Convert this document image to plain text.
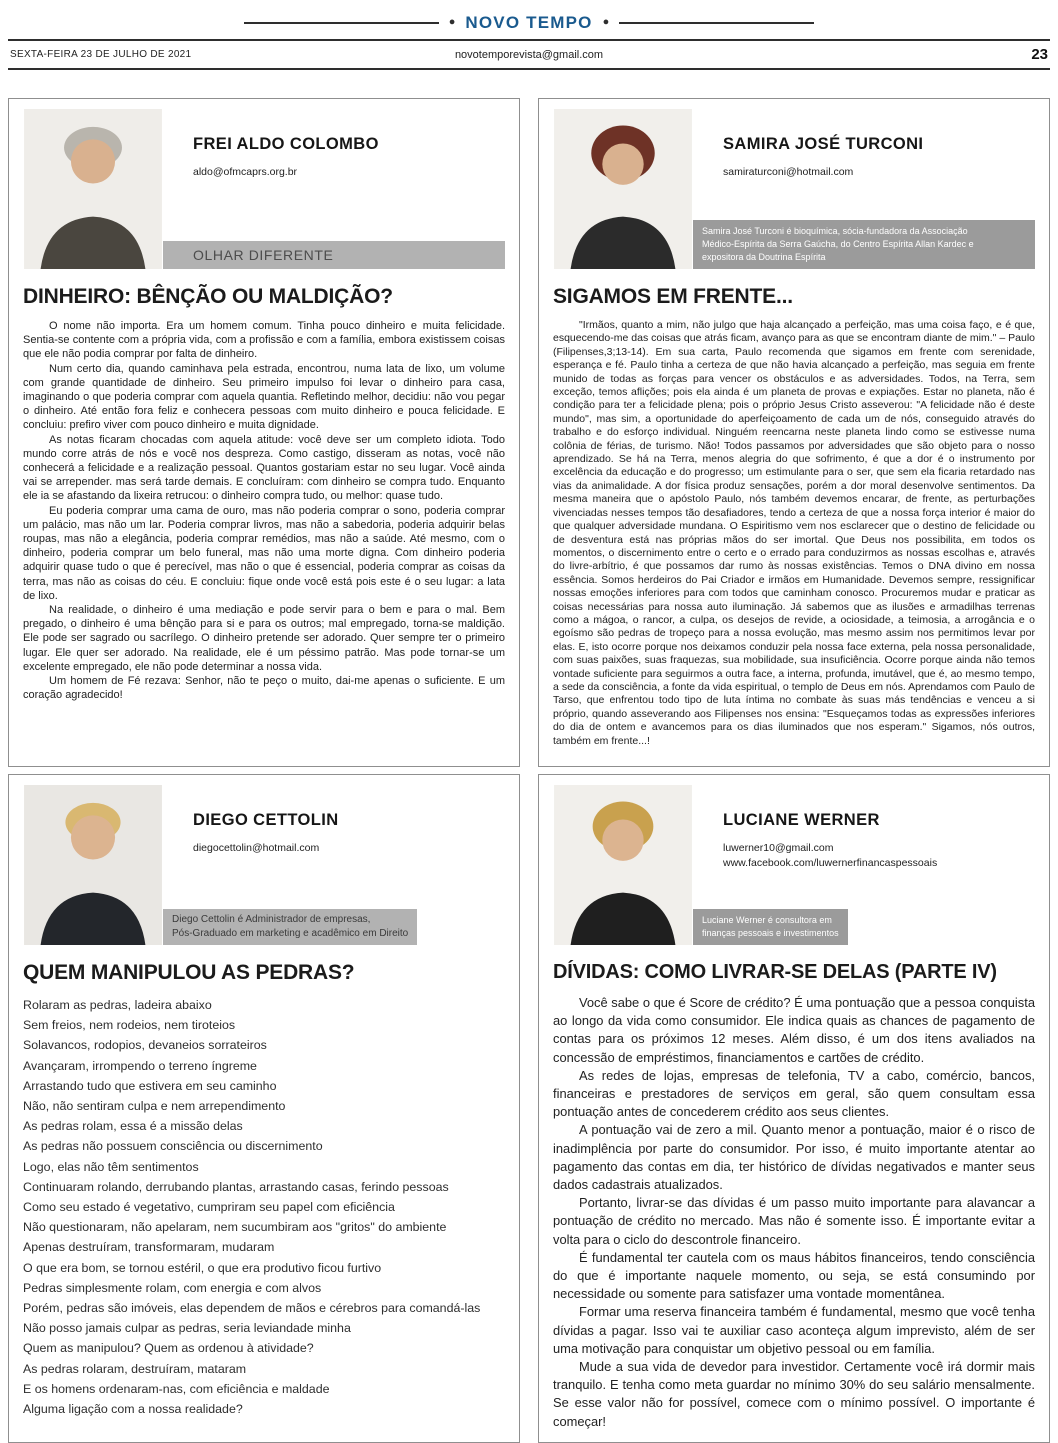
● NOVO TEMPO ●
SEXTA-FEIRA 23 DE JULHO DE 2021	novotemporevista@gmail.com	23
FREI ALDO COLOMBO
aldo@ofmcaprs.org.br
OLHAR DIFERENTE
DINHEIRO: BÊNÇÃO OU MALDIÇÃO?

O nome não importa. Era um homem comum. Tinha pouco dinheiro e muita felicidade. Sentia-se contente com a própria vida, com a profissão e com a família, embora existissem coisas que ele não podia comprar por falta de dinheiro.

Num certo dia, quando caminhava pela estrada, encontrou, numa lata de lixo, um volume com grande quantidade de dinheiro. Seu primeiro impulso foi levar o dinheiro para casa, imaginando o que poderia comprar com aquela quantia. Refletindo melhor, decidiu: não vou pegar o dinheiro. Até então fora feliz e conhecera pessoas com muito dinheiro e pouca felicidade. E concluiu: prefiro viver com pouco dinheiro e muita dignidade.

As notas ficaram chocadas com aquela atitude: você deve ser um completo idiota. Todo mundo corre atrás de nós e você nos despreza. Como castigo, disseram as notas, você não conhecerá a felicidade e a realização pessoal. Quantos gostariam estar no seu lugar. Você ainda vai se arrepender. mas será tarde demais. E concluíram: com dinheiro se compra tudo. Enquanto ele ia se afastando da lixeira retrucou: o dinheiro compra tudo, ou melhor: quase tudo.

Eu poderia comprar uma cama de ouro, mas não poderia comprar o sono, poderia comprar um palácio, mas não um lar. Poderia comprar livros, mas não a sabedoria, poderia adquirir belas roupas, mas não a elegância, poderia comprar remédios, mas não a saúde. Até mesmo, com o dinheiro, poderia comprar um belo funeral, mas não uma morte digna. Com dinheiro poderia adquirir quase tudo o que é perecível, mas não o que é essencial, poderia comprar as coisas da terra, mas não as coisas do céu. E concluiu: fique onde você está pois este é o seu lugar: a lata de lixo.

Na realidade, o dinheiro é uma mediação e pode servir para o bem e para o mal. Bem pregado, o dinheiro é uma bênção para si e para os outros; mal empregado, torna-se maldição. Ele pode ser sagrado ou sacrílego. O dinheiro pretende ser adorado. Quer sempre ter o primeiro lugar. Ele quer ser adorado. Na realidade, ele é um péssimo patrão. Mas pode tornar-se um excelente empregado, ele não pode determinar a nossa vida.

Um homem de Fé rezava: Senhor, não te peço o muito, dai-me apenas o suficiente. E um coração agradecido!

SAMIRA JOSÉ TURCONI
samiraturconi@hotmail.com

Samira José Turconi é bioquímica, sócia-fundadora da Associação

Médico-Espírita da Serra Gaúcha, do Centro Espírita Allan Kardec e

expositora da Doutrina Espírita

SIGAMOS EM FRENTE...

"Irmãos, quanto a mim, não julgo que haja alcançado a perfeição, mas uma coisa faço, e é que, esquecendo-me das coisas que atrás ficam, avanço para as que se encontram diante de mim." – Paulo (Filipenses,3;13-14). Em sua carta, Paulo recomenda que sigamos em frente com serenidade, esperança e fé. Paulo tinha a certeza de que não havia alcançado a perfeição, mas seguia em frente munido de todas as forças para vencer os obstáculos e as adversidades. Todos, na Terra, sem exceção, temos aflições; pois ela ainda é um planeta de provas e expiações. Estar no planeta, não é condição para ter a felicidade plena; pois o próprio Jesus Cristo asseverou: "A felicidade não é deste mundo", mas sim, a oportunidade do aperfeiçoamento de cada um de nós, conseguido através do trabalho e do esforço individual. Ninguém reencarna neste planeta lindo como se estivesse numa colônia de férias, de turismo. Não! Todos passamos por adversidades que são objeto para o nosso aprendizado. Se há na Terra, menos alegria do que sofrimento, é que a dor é o instrumento por excelência da educação e do progresso; um estimulante para o ser, que sem ela ficaria retardado nas vias da animalidade. A dor física produz sensações, porém a dor moral desenvolve sentimentos. Da mesma maneira que o apóstolo Paulo, nós também devemos encarar, de frente, as perturbações vivenciadas nesses tempos tão desafiadores, tendo a certeza de que a nossa força interior é maior do que qualquer adversidade mundana. O Espiritismo vem nos esclarecer que o destino de felicidade ou de desventura está nas próprias mãos do ser imortal. Que Deus nos possibilita, em todos os momentos, o discernimento entre o certo e o errado para conduzirmos as nossas escolhas e, através do livre-arbítrio, é que possamos dar rumo às nossas existências. Temos o DNA divino em nossa essência. Somos herdeiros do Pai Criador e irmãos em Humanidade. Devemos sempre, ressignificar nossas emoções inferiores para com todos que caminham conosco. Procuremos mudar e praticar as coisas necessárias para nossa auto iluminação. Já sabemos que as ilusões e armadilhas terrenas como a mágoa, o rancor, a culpa, os desejos de revide, a ociosidade, a teimosia, a arrogância e o egoísmo são pedras de tropeço para a nossa evolução, mas mesmo assim nos permitimos levar por elas. E, isto ocorre porque nos deixamos conduzir pela nossa face externa, pela nossa personalidade, com suas paixões, suas fraquezas, sua mobilidade, sua insuficiência. Ocorre porque ainda não temos vontade suficiente para seguirmos a outra face, a interna, profunda, imutável, que é, ao mesmo tempo, a sede da consciência, a fonte da vida espiritual, o templo de Deus em nós. Aprendamos com Paulo de Tarso, que enfrentou todo tipo de luta íntima no combate às suas más tendências e venceu a si próprio, quando asseverando aos Filipenses nos ensina: "Esqueçamos todas as expressões inferiores do dia de ontem e avancemos para os dias iluminados que nos esperam." Sigamos, nós outros, também em frente...!

DIEGO CETTOLIN
diegocettolin@hotmail.com

Diego Cettolin é Administrador de empresas,

Pós-Graduado em marketing e acadêmico em Direito

QUEM MANIPULOU AS PEDRAS?

Rolaram as pedras, ladeira abaixo

Sem freios, nem rodeios, nem tiroteios

Solavancos, rodopios, devaneios sorrateiros

Avançaram, irrompendo o terreno íngreme

Arrastando tudo que estivera em seu caminho

Não, não sentiram culpa e nem arrependimento

As pedras rolam, essa é a missão delas

As pedras não possuem consciência ou discernimento

Logo, elas não têm sentimentos

Continuaram rolando, derrubando plantas, arrastando casas, ferindo pessoas

Como seu estado é vegetativo, cumpriram seu papel com eficiência

Não questionaram, não apelaram, nem sucumbiram aos "gritos" do ambiente

Apenas destruíram, transformaram, mudaram

O que era bom, se tornou estéril, o que era produtivo ficou furtivo

Pedras simplesmente rolam, com energia e com alvos

Porém, pedras são imóveis, elas dependem de mãos e cérebros para comandá-las

Não posso jamais culpar as pedras, seria leviandade minha

Quem as manipulou? Quem as ordenou à atividade?

As pedras rolaram, destruíram, mataram

E os homens ordenaram-nas, com eficiência e maldade

Alguma ligação com a nossa realidade?

LUCIANE WERNER
luwerner10@gmail.com
www.facebook.com/luwernerfinancaspessoais

Luciane Werner é consultora em

finanças pessoais e investimentos

DÍVIDAS: COMO LIVRAR-SE DELAS (PARTE IV)

Você sabe o que é Score de crédito? É uma pontuação que a pessoa conquista ao longo da vida como consumidor. Ele indica quais as chances de pagamento de contas para os próximos 12 meses. Além disso, é um dos itens avaliados na concessão de empréstimos, financiamentos e cartões de crédito.

As redes de lojas, empresas de telefonia, TV a cabo, comércio, bancos, financeiras e prestadores de serviços em geral, são quem consultam essa pontuação antes de concederem crédito aos seus clientes.

A pontuação vai de zero a mil. Quanto menor a pontuação, maior é o risco de inadimplência por parte do consumidor. Por isso, é muito importante atentar ao pagamento das contas em dia, ter histórico de dívidas negativados e manter seus dados cadastrais atualizados.

Portanto, livrar-se das dívidas é um passo muito importante para alavancar a pontuação de crédito no mercado. Mas não é somente isso. É importante evitar a volta para o ciclo do descontrole financeiro.

É fundamental ter cautela com os maus hábitos financeiros, tendo consciência do que é importante naquele momento, ou seja, se está consumindo por necessidade ou somente para satisfazer uma vontade momentânea.

Formar uma reserva financeira também é fundamental, mesmo que você tenha dívidas a pagar. Isso vai te auxiliar caso aconteça algum imprevisto, além de ser uma motivação para conquistar um objetivo pessoal ou em família.

Mude a sua vida de devedor para investidor. Certamente você irá dormir mais tranquilo. E tenha como meta guardar no mínimo 30% do seu salário mensalmente. Se esse valor não for possível, comece com o mínimo possível. O importante é começar!
